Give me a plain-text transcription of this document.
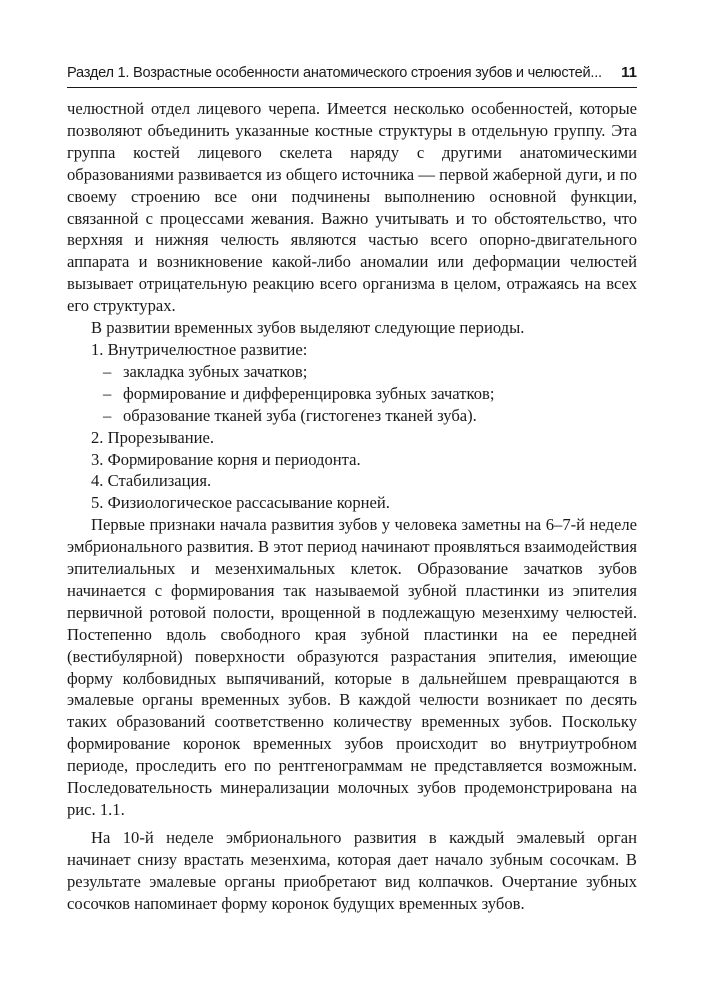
Раздел 1. Возрастные особенности анатомического строения зубов и челюстей... 11

челюстной отдел лицевого черепа. Имеется несколько особенностей, которые позволяют объединить указанные костные структуры в отдельную группу. Эта группа костей лицевого скелета наряду с другими анатомическими образованиями развивается из общего источника — первой жаберной дуги, и по своему строению все они подчинены выполнению основной функции, связанной с процессами жевания. Важно учитывать и то обстоятельство, что верхняя и нижняя челюсть являются частью всего опорно-двигательного аппарата и возникновение какой-либо аномалии или деформации челюстей вызывает отрицательную реакцию всего организма в целом, отражаясь на всех его структурах.

В развитии временных зубов выделяют следующие периоды.

1. Внутричелюстное развитие:

– закладка зубных зачатков;

– формирование и дифференцировка зубных зачатков;

– образование тканей зуба (гистогенез тканей зуба).

2. Прорезывание.

3. Формирование корня и периодонта.

4. Стабилизация.

5. Физиологическое рассасывание корней.

Первые признаки начала развития зубов у человека заметны на 6–7-й неделе эмбрионального развития. В этот период начинают проявляться взаимодействия эпителиальных и мезенхимальных клеток. Образование зачатков зубов начинается с формирования так называемой зубной пластинки из эпителия первичной ротовой полости, врощенной в подлежащую мезенхиму челюстей. Постепенно вдоль свободного края зубной пластинки на ее передней (вестибулярной) поверхности образуются разрастания эпителия, имеющие форму колбовидных выпячиваний, которые в дальнейшем превращаются в эмалевые органы временных зубов. В каждой челюсти возникает по десять таких образований соответственно количеству временных зубов. Поскольку формирование коронок временных зубов происходит во внутриутробном периоде, проследить его по рентгенограммам не представляется возможным. Последовательность минерализации молочных зубов продемонстрирована на рис. 1.1.

На 10-й неделе эмбрионального развития в каждый эмалевый орган начинает снизу врастать мезенхима, которая дает начало зубным сосочкам. В результате эмалевые органы приобретают вид колпачков. Очертание зубных сосочков напоминает форму коронок будущих временных зубов.
